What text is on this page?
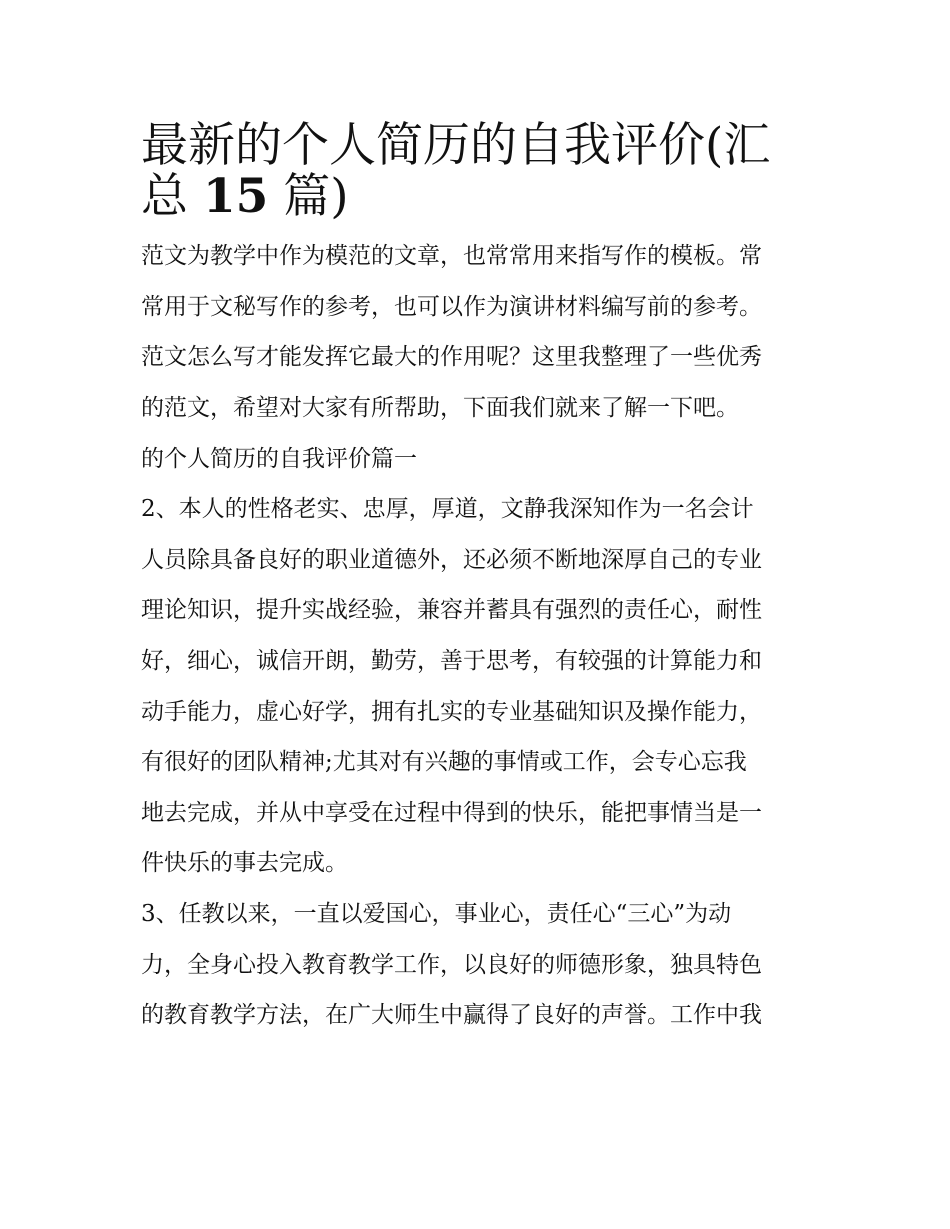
最新的个人简历的自我评价(汇
总 15 篇)
范文为教学中作为模范的文章，也常常用来指写作的模板。常
常用于文秘写作的参考，也可以作为演讲材料编写前的参考。
范文怎么写才能发挥它最大的作用呢？这里我整理了一些优秀
的范文，希望对大家有所帮助，下面我们就来了解一下吧。
的个人简历的自我评价篇一
2、本人的性格老实、忠厚，厚道，文静我深知作为一名会计
人员除具备良好的职业道德外，还必须不断地深厚自己的专业
理论知识，提升实战经验，兼容并蓄具有强烈的责任心，耐性
好，细心，诚信开朗，勤劳，善于思考，有较强的计算能力和
动手能力，虚心好学，拥有扎实的专业基础知识及操作能力，
有很好的团队精神;尤其对有兴趣的事情或工作，会专心忘我
地去完成，并从中享受在过程中得到的快乐，能把事情当是一
件快乐的事去完成。
3、任教以来，一直以爱国心，事业心，责任心“三心”为动
力，全身心投入教育教学工作，以良好的师德形象，独具特色
的教育教学方法，在广大师生中赢得了良好的声誉。工作中我
